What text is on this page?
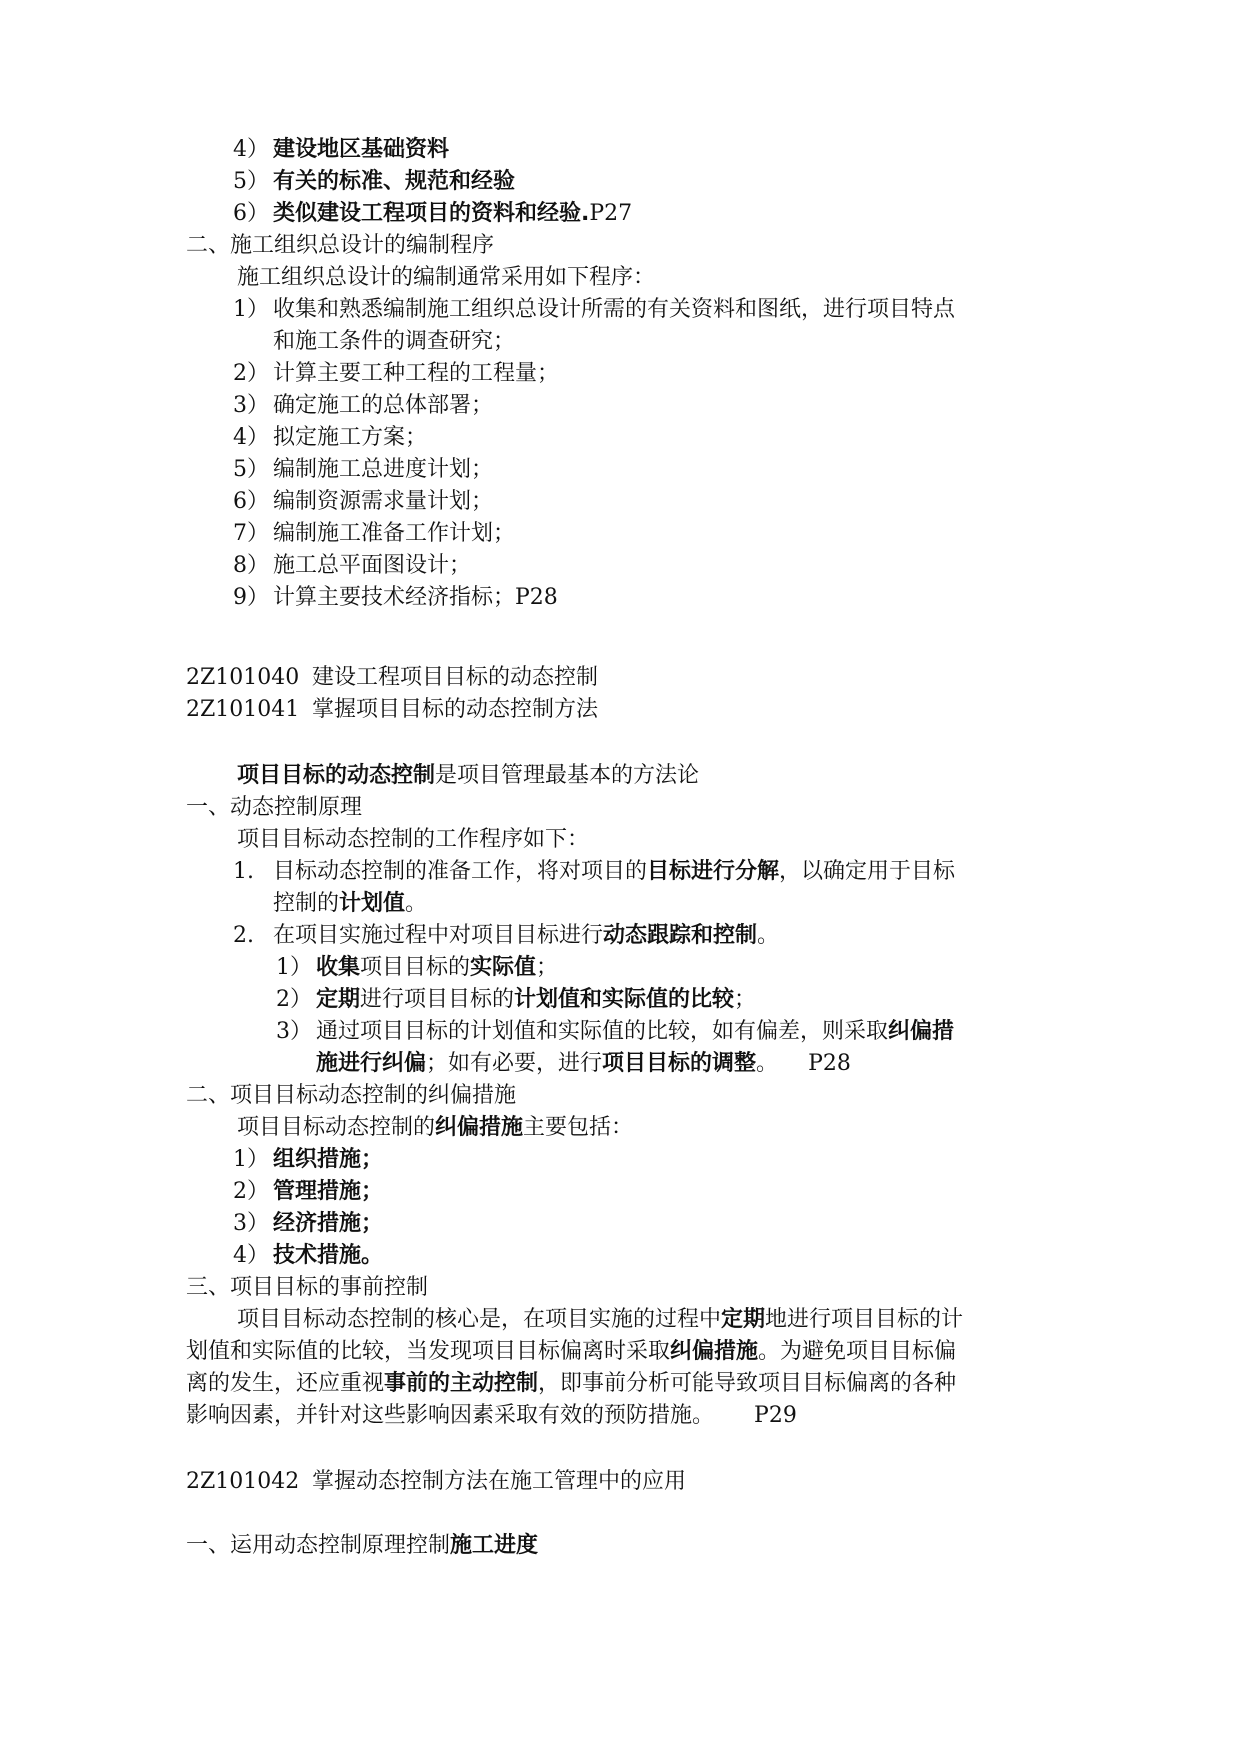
4） 建设地区基础资料
5） 有关的标准、规范和经验
6） 类似建设工程项目的资料和经验.P27
二、施工组织总设计的编制程序
施工组织总设计的编制通常采用如下程序：
1） 收集和熟悉编制施工组织总设计所需的有关资料和图纸，进行项目特点
和施工条件的调查研究；
2） 计算主要工种工程的工程量；
3） 确定施工的总体部署；
4） 拟定施工方案；
5） 编制施工总进度计划；
6） 编制资源需求量计划；
7） 编制施工准备工作计划；
8） 施工总平面图设计；
9） 计算主要技术经济指标；P28
2Z101040 建设工程项目目标的动态控制
2Z101041 掌握项目目标的动态控制方法
项目目标的动态控制是项目管理最基本的方法论
一、动态控制原理
项目目标动态控制的工作程序如下：
1. 目标动态控制的准备工作，将对项目的目标进行分解，以确定用于目标
控制的计划值。
2. 在项目实施过程中对项目目标进行动态跟踪和控制。
1） 收集项目目标的实际值；
2） 定期进行项目目标的计划值和实际值的比较；
3） 通过项目目标的计划值和实际值的比较，如有偏差，则采取纠偏措
施进行纠偏；如有必要，进行项目目标的调整。 P28
二、项目目标动态控制的纠偏措施
项目目标动态控制的纠偏措施主要包括：
1） 组织措施；
2） 管理措施；
3） 经济措施；
4） 技术措施。
三、项目目标的事前控制
项目目标动态控制的核心是，在项目实施的过程中定期地进行项目目标的计
划值和实际值的比较，当发现项目目标偏离时采取纠偏措施。为避免项目目标偏
离的发生，还应重视事前的主动控制，即事前分析可能导致项目目标偏离的各种
影响因素，并针对这些影响因素采取有效的预防措施。 P29
2Z101042 掌握动态控制方法在施工管理中的应用
一、运用动态控制原理控制施工进度
